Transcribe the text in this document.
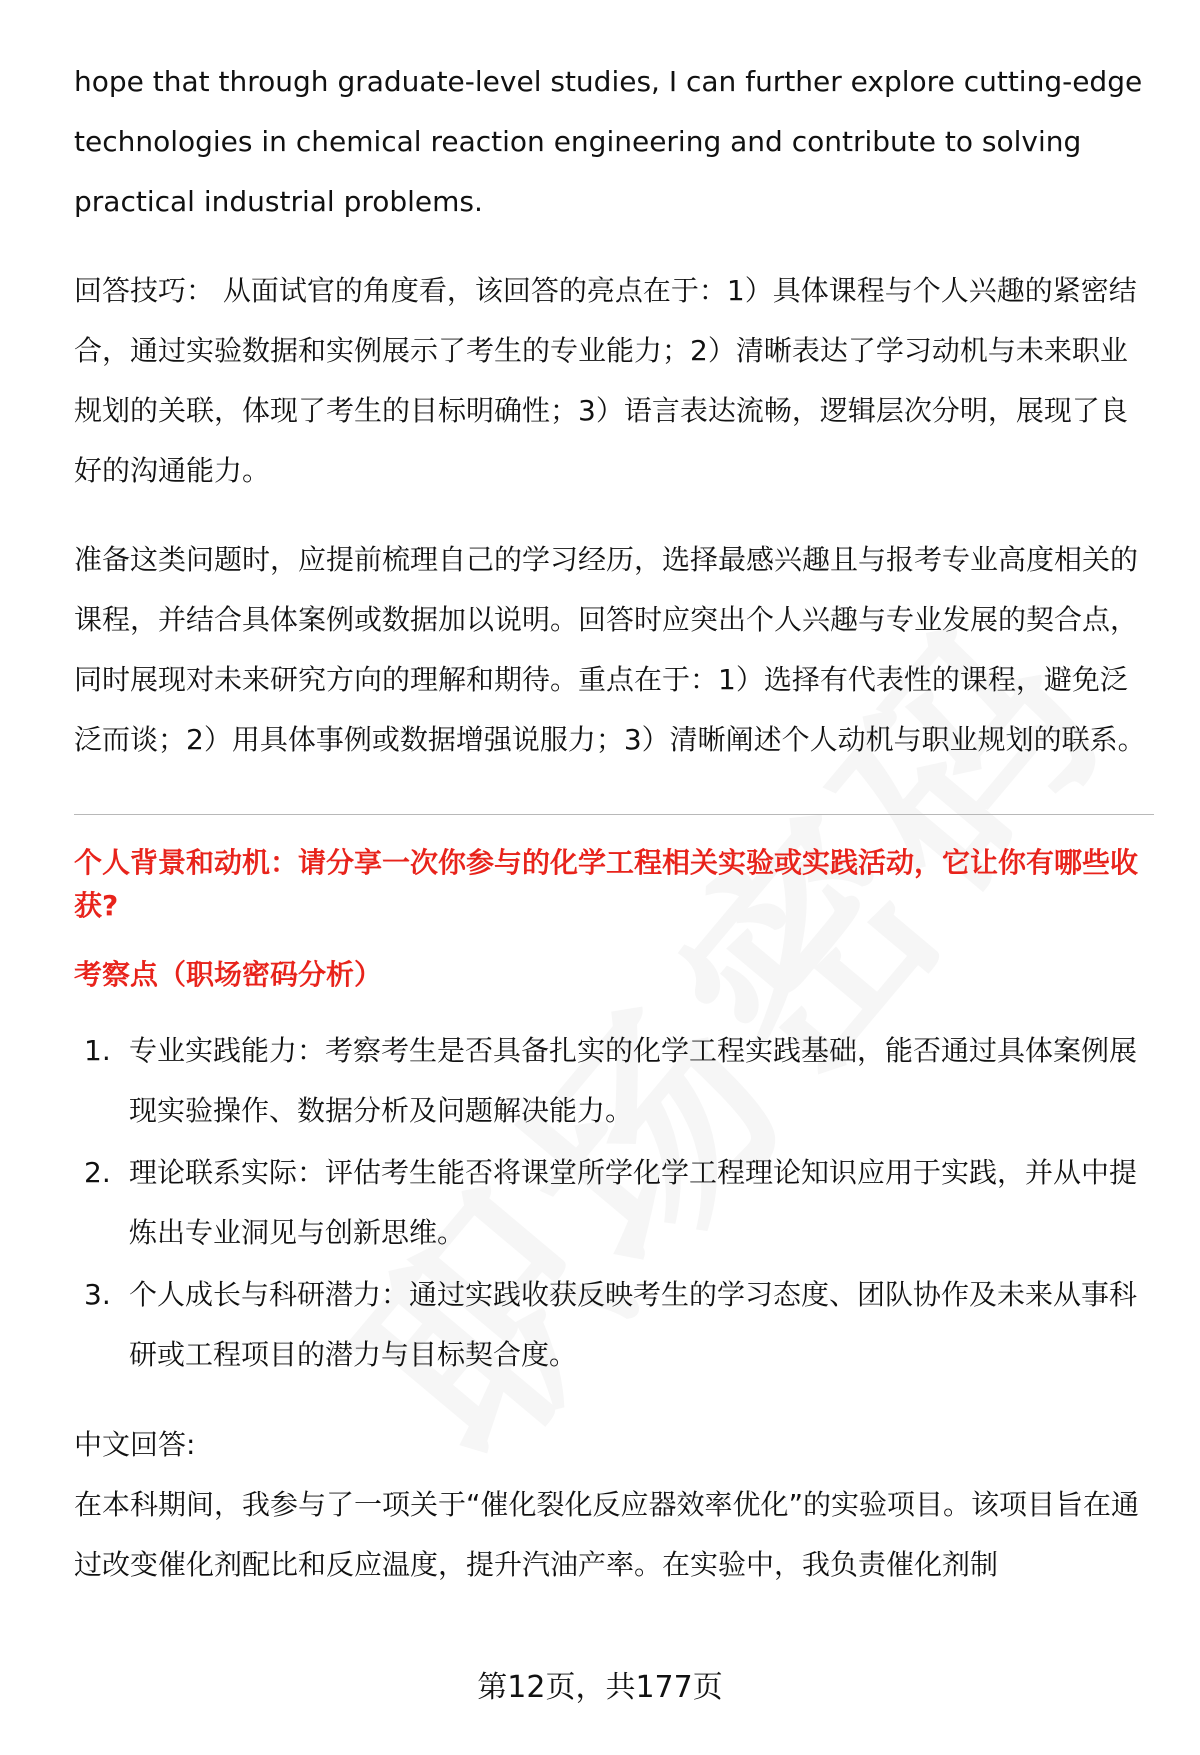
hope that through graduate-level studies, I can further explore cutting-edge technologies in chemical reaction engineering and contribute to solving practical industrial problems.

回答技巧： 从面试官的角度看，该回答的亮点在于：1）具体课程与个人兴趣的紧密结合，通过实验数据和实例展示了考生的专业能力；2）清晰表达了学习动机与未来职业规划的关联，体现了考生的目标明确性；3）语言表达流畅，逻辑层次分明，展现了良好的沟通能力。

准备这类问题时，应提前梳理自己的学习经历，选择最感兴趣且与报考专业高度相关的课程，并结合具体案例或数据加以说明。回答时应突出个人兴趣与专业发展的契合点，同时展现对未来研究方向的理解和期待。重点在于：1）选择有代表性的课程，避免泛泛而谈；2）用具体事例或数据增强说服力；3）清晰阐述个人动机与职业规划的联系。

个人背景和动机：请分享一次你参与的化学工程相关实验或实践活动，它让你有哪些收获?

考察点（职场密码分析）

1. 专业实践能力：考察考生是否具备扎实的化学工程实践基础，能否通过具体案例展现实验操作、数据分析及问题解决能力。
2. 理论联系实际：评估考生能否将课堂所学化学工程理论知识应用于实践，并从中提炼出专业洞见与创新思维。
3. 个人成长与科研潜力：通过实践收获反映考生的学习态度、团队协作及未来从事科研或工程项目的潜力与目标契合度。

中文回答:

在本科期间，我参与了一项关于“催化裂化反应器效率优化”的实验项目。该项目旨在通过改变催化剂配比和反应温度，提升汽油产率。在实验中，我负责催化剂制

第12页，共177页
